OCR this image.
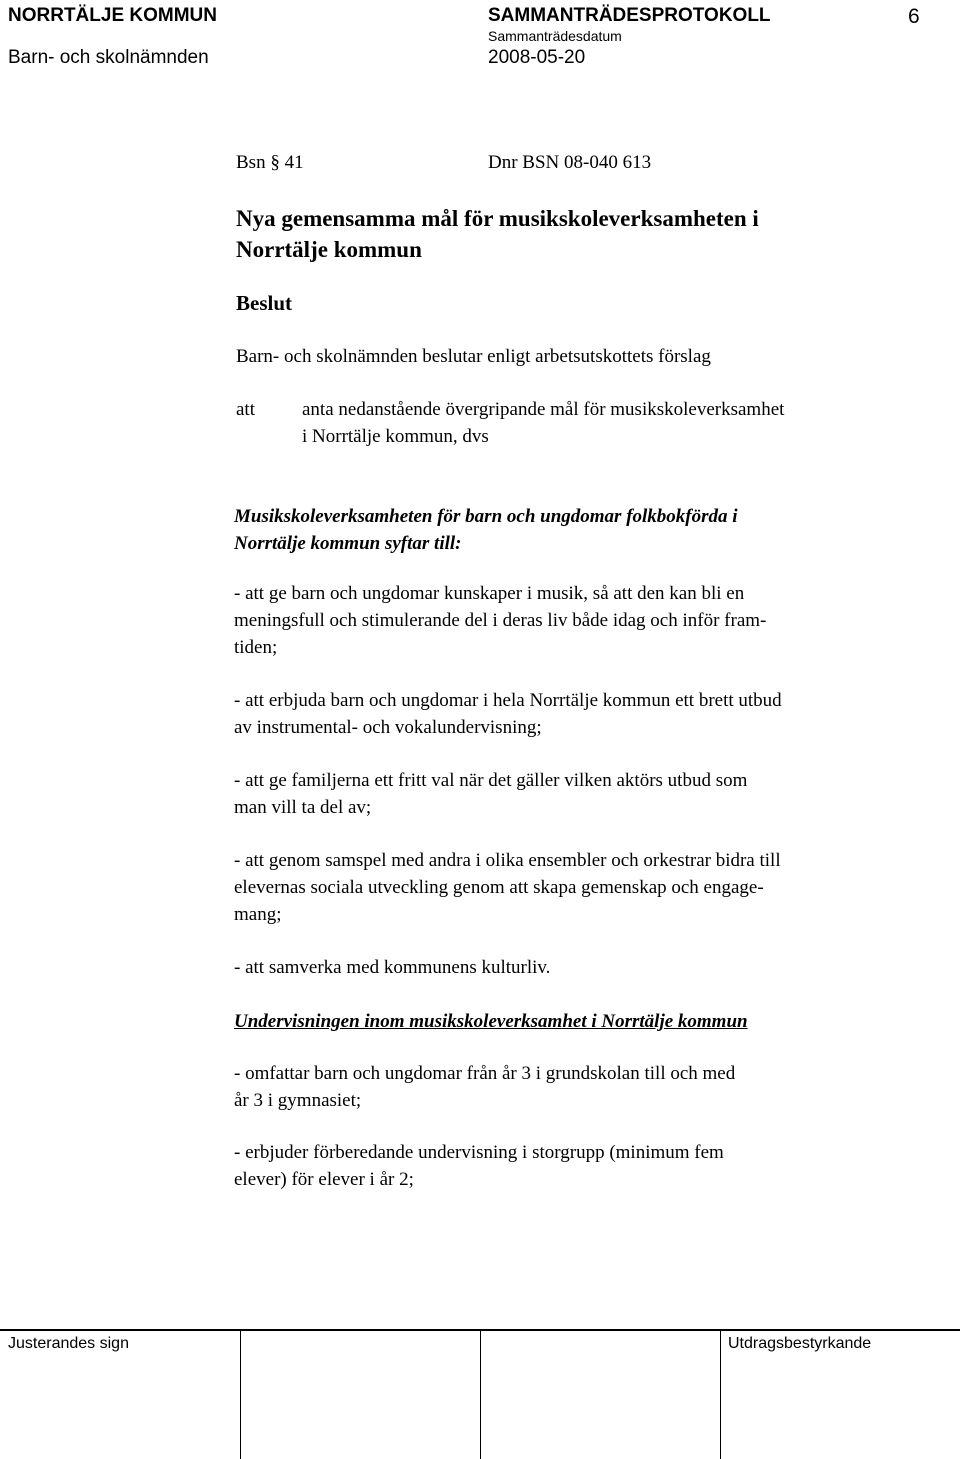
NORRTÄLJE KOMMUN	SAMMANTRÄDESPROTOKOLL	6
Sammanträdesdatum
Barn- och skolnämnden	2008-05-20
Bsn § 41	Dnr BSN 08-040 613
Nya gemensamma mål för musikskoleverksamheten i
Norrtälje kommun
Beslut
Barn- och skolnämnden beslutar enligt arbetsutskottets förslag
att anta nedanstående övergripande mål för musikskoleverksamhet
i Norrtälje kommun, dvs
Musikskoleverksamheten för barn och ungdomar folkbokförda i
Norrtälje kommun syftar till:
- att ge barn och ungdomar kunskaper i musik, så att den kan bli en
meningsfull och stimulerande del i deras liv både idag och inför fram-
tiden;
- att erbjuda barn och ungdomar i hela Norrtälje kommun ett brett utbud
av instrumental- och vokalundervisning;
- att ge familjerna ett fritt val när det gäller vilken aktörs utbud som
man vill ta del av;
- att genom samspel med andra i olika ensembler och orkestrar bidra till
elevernas sociala utveckling genom att skapa gemenskap och engage-
mang;
- att samverka med kommunens kulturliv.
Undervisningen inom musikskoleverksamhet i Norrtälje kommun
- omfattar barn och ungdomar från år 3 i grundskolan till och med
år 3 i gymnasiet;
- erbjuder förberedande undervisning i storgrupp (minimum fem
elever) för elever i år 2;
Justerandes sign	Utdragsbestyrkande
